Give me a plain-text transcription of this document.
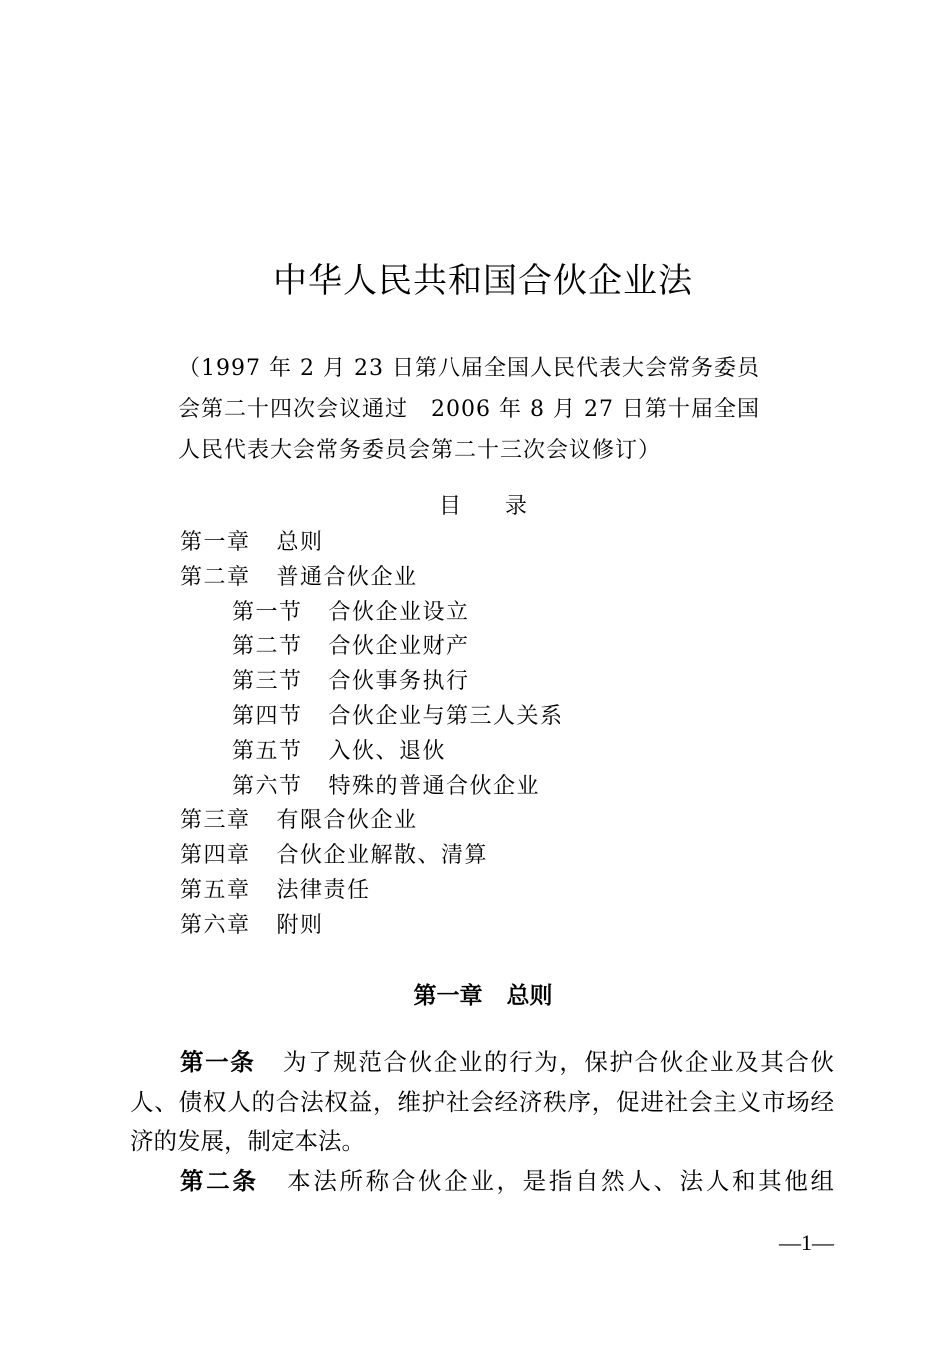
中华人民共和国合伙企业法
（1997 年 2 月 23 日第八届全国人民代表大会常务委员
会第二十四次会议通过　2006 年 8 月 27 日第十届全国
人民代表大会常务委员会第二十三次会议修订）
目　　录
第一章 总则
第二章 普通合伙企业
第一节 合伙企业设立
第二节 合伙企业财产
第三节 合伙事务执行
第四节 合伙企业与第三人关系
第五节 入伙、退伙
第六节 特殊的普通合伙企业
第三章 有限合伙企业
第四章 合伙企业解散、清算
第五章 法律责任
第六章 附则
第一章 总则

第一条 为了规范合伙企业的行为，保护合伙企业及其合伙人、债权人的合法权益，维护社会经济秩序，促进社会主义市场经济的发展，制定本法。

第二条 本法所称合伙企业，是指自然人、法人和其他组

—1—
